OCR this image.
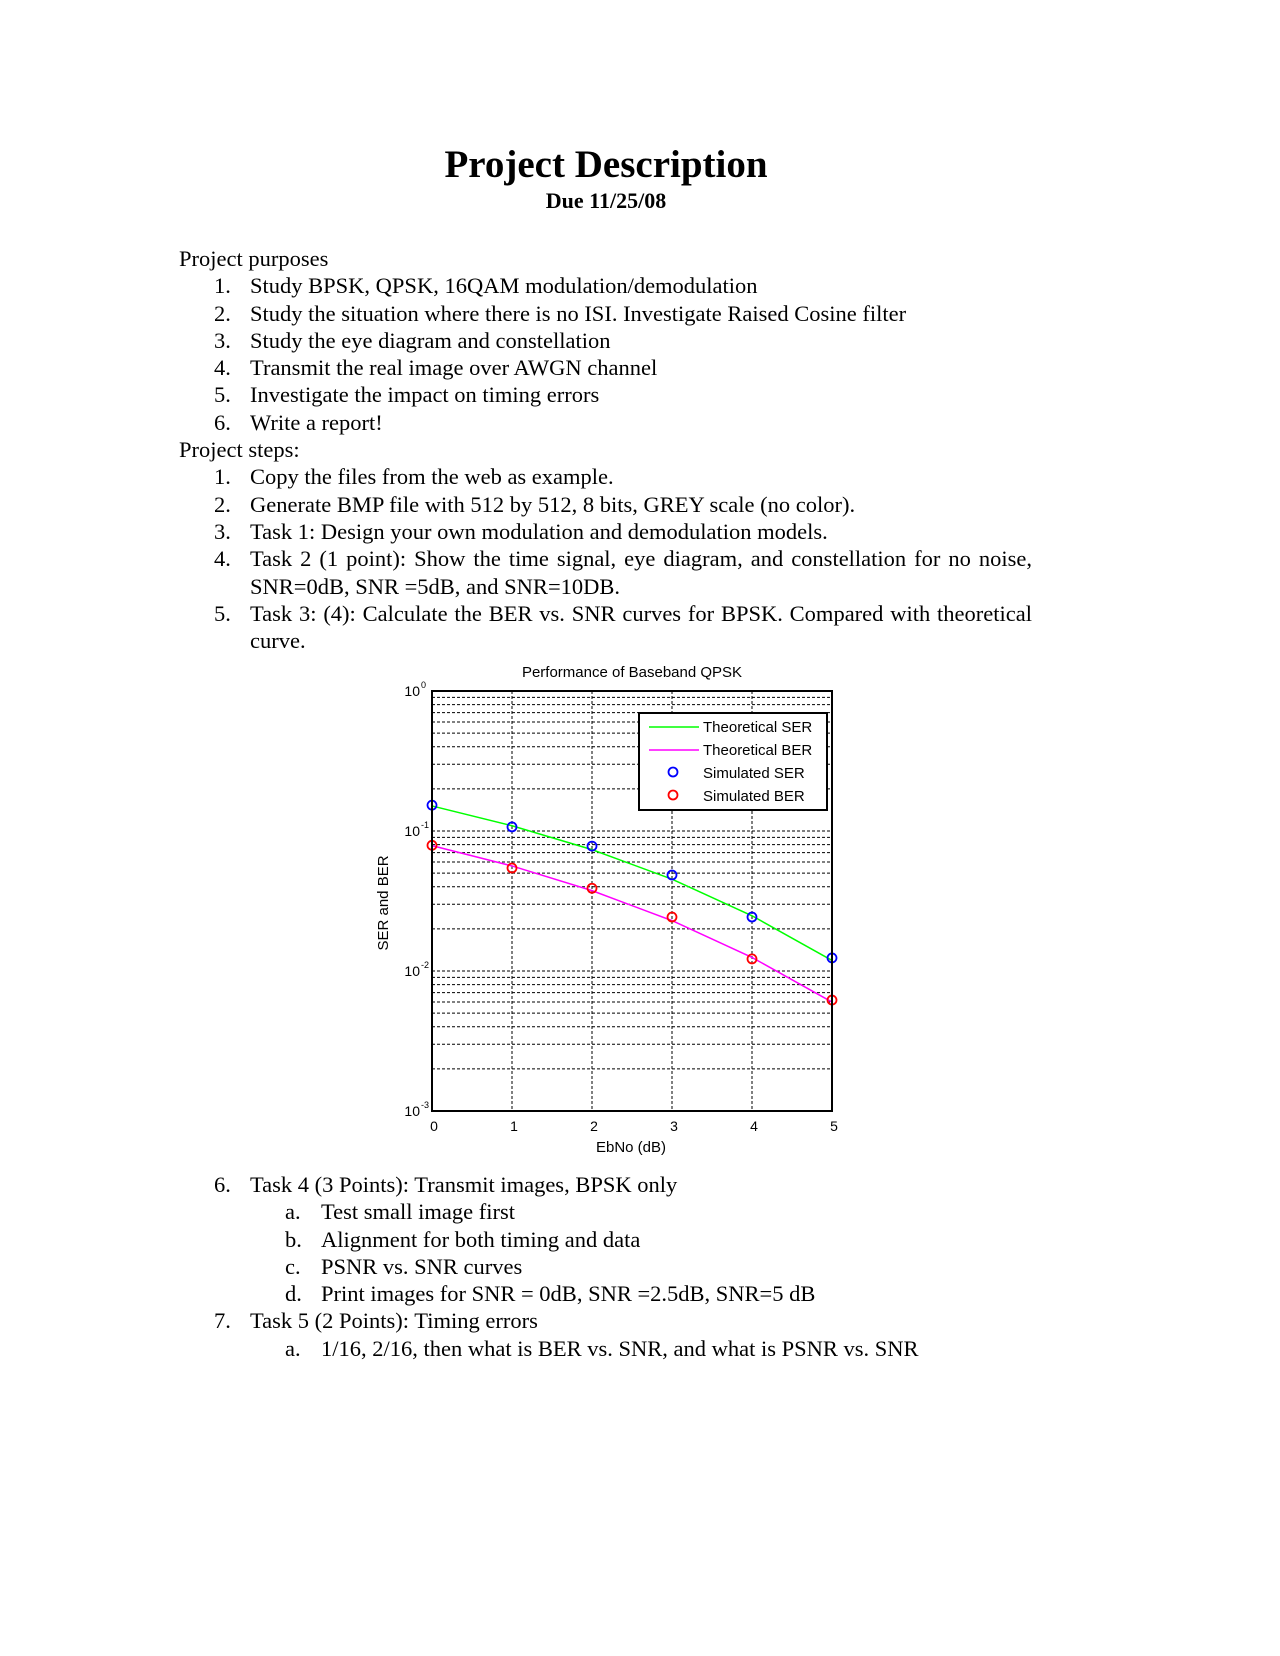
Project Description
Due 11/25/08
Project purposes
1. Study BPSK, QPSK, 16QAM modulation/demodulation
2. Study the situation where there is no ISI. Investigate Raised Cosine filter
3. Study the eye diagram and constellation
4. Transmit the real image over AWGN channel
5. Investigate the impact on timing errors
6. Write a report!
Project steps:
1. Copy the files from the web as example.
2. Generate BMP file with 512 by 512, 8 bits, GREY scale (no color).
3. Task 1: Design your own modulation and demodulation models.
4. Task 2 (1 point): Show the time signal, eye diagram, and constellation for no noise, SNR=0dB, SNR =5dB, and SNR=10DB.
5. Task 3: (4): Calculate the BER vs. SNR curves for BPSK. Compared with theoretical curve.
Performance of Baseband QPSK
0	1	2	3	4	5
10 0
10 -1
10 -2
10 -3
EbNo (dB)
SER and BER
Theoretical SER
Theoretical BER
Simulated SER
Simulated BER
6. Task 4 (3 Points): Transmit images, BPSK only
a. Test small image first
b. Alignment for both timing and data
c. PSNR vs. SNR curves
d. Print images for SNR = 0dB, SNR =2.5dB, SNR=5 dB
7. Task 5 (2 Points): Timing errors
a. 1/16, 2/16, then what is BER vs. SNR, and what is PSNR vs. SNR
